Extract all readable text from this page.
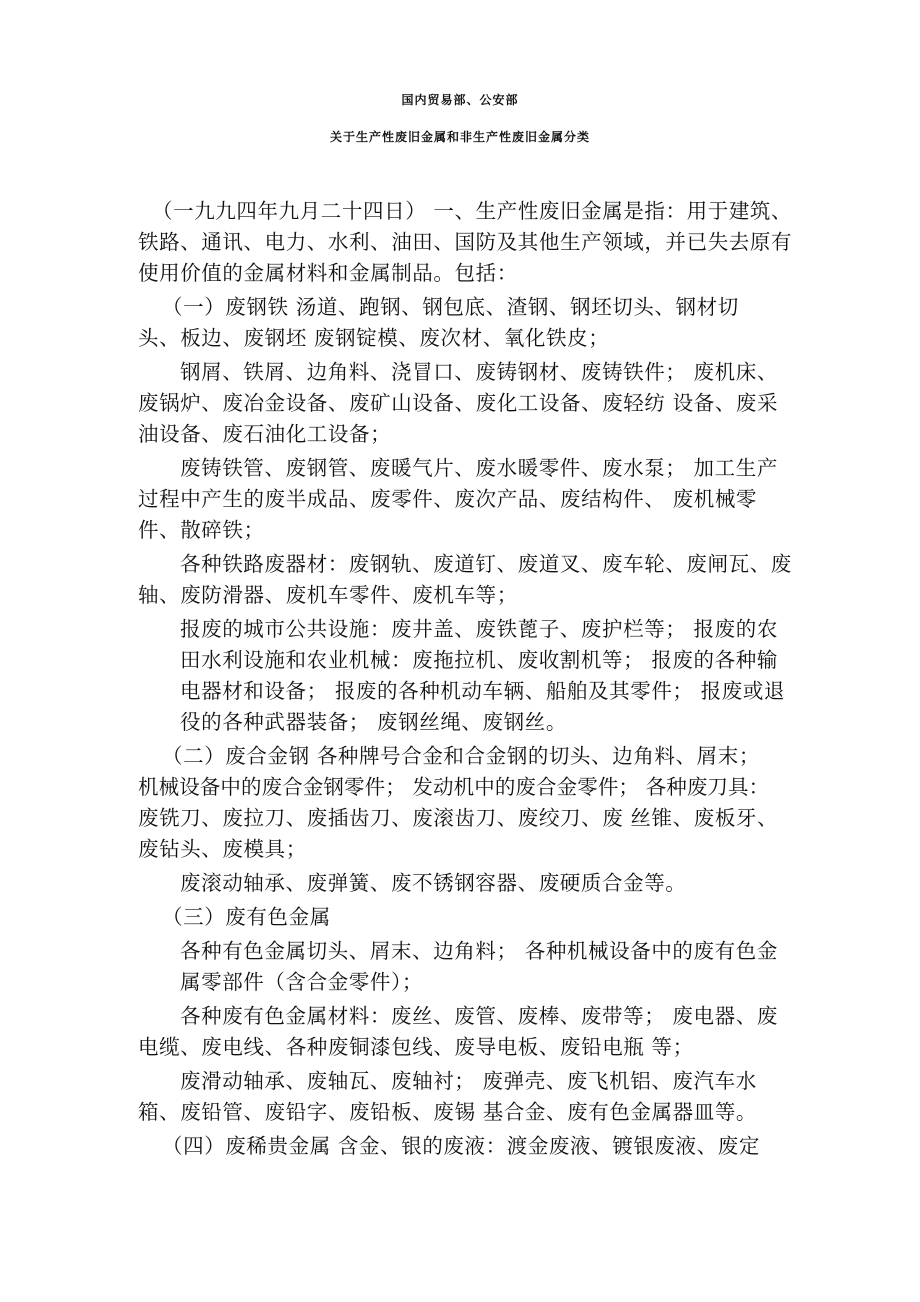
国内贸易部、公安部
关于生产性废旧金属和非生产性废旧金属分类
（一九九四年九月二十四日） 一、生产性废旧金属是指：用于建筑、
铁路、通讯、电力、水利、油田、国防及其他生产领域，并已失去原有
使用价值的金属材料和金属制品。包括：
（一）废钢铁 汤道、跑钢、钢包底、渣钢、钢坯切头、钢材切
头、板边、废钢坯 废钢锭模、废次材、氧化铁皮；
钢屑、铁屑、边角料、浇冒口、废铸钢材、废铸铁件； 废机床、
废锅炉、废冶金设备、废矿山设备、废化工设备、废轻纺 设备、废采
油设备、废石油化工设备；
废铸铁管、废钢管、废暖气片、废水暖零件、废水泵； 加工生产
过程中产生的废半成品、废零件、废次产品、废结构件、 废机械零
件、散碎铁；
各种铁路废器材：废钢轨、废道钉、废道叉、废车轮、废闸瓦、废
轴、废防滑器、废机车零件、废机车等；
报废的城市公共设施：废井盖、废铁蓖子、废护栏等； 报废的农
田水利设施和农业机械：废拖拉机、废收割机等； 报废的各种输
电器材和设备； 报废的各种机动车辆、船舶及其零件； 报废或退
役的各种武器装备； 废钢丝绳、废钢丝。
（二）废合金钢 各种牌号合金和合金钢的切头、边角料、屑末；
机械设备中的废合金钢零件； 发动机中的废合金零件； 各种废刀具：
废铣刀、废拉刀、废插齿刀、废滚齿刀、废绞刀、废 丝锥、废板牙、
废钻头、废模具；
废滚动轴承、废弹簧、废不锈钢容器、废硬质合金等。
（三）废有色金属
各种有色金属切头、屑末、边角料； 各种机械设备中的废有色金
属零部件（含合金零件）；
各种废有色金属材料：废丝、废管、废棒、废带等； 废电器、废
电缆、废电线、各种废铜漆包线、废导电板、废铅电瓶 等；
废滑动轴承、废轴瓦、废轴衬； 废弹壳、废飞机铝、废汽车水
箱、废铅管、废铅字、废铅板、废锡 基合金、废有色金属器皿等。
（四）废稀贵金属 含金、银的废液：渡金废液、镀银废液、废定
